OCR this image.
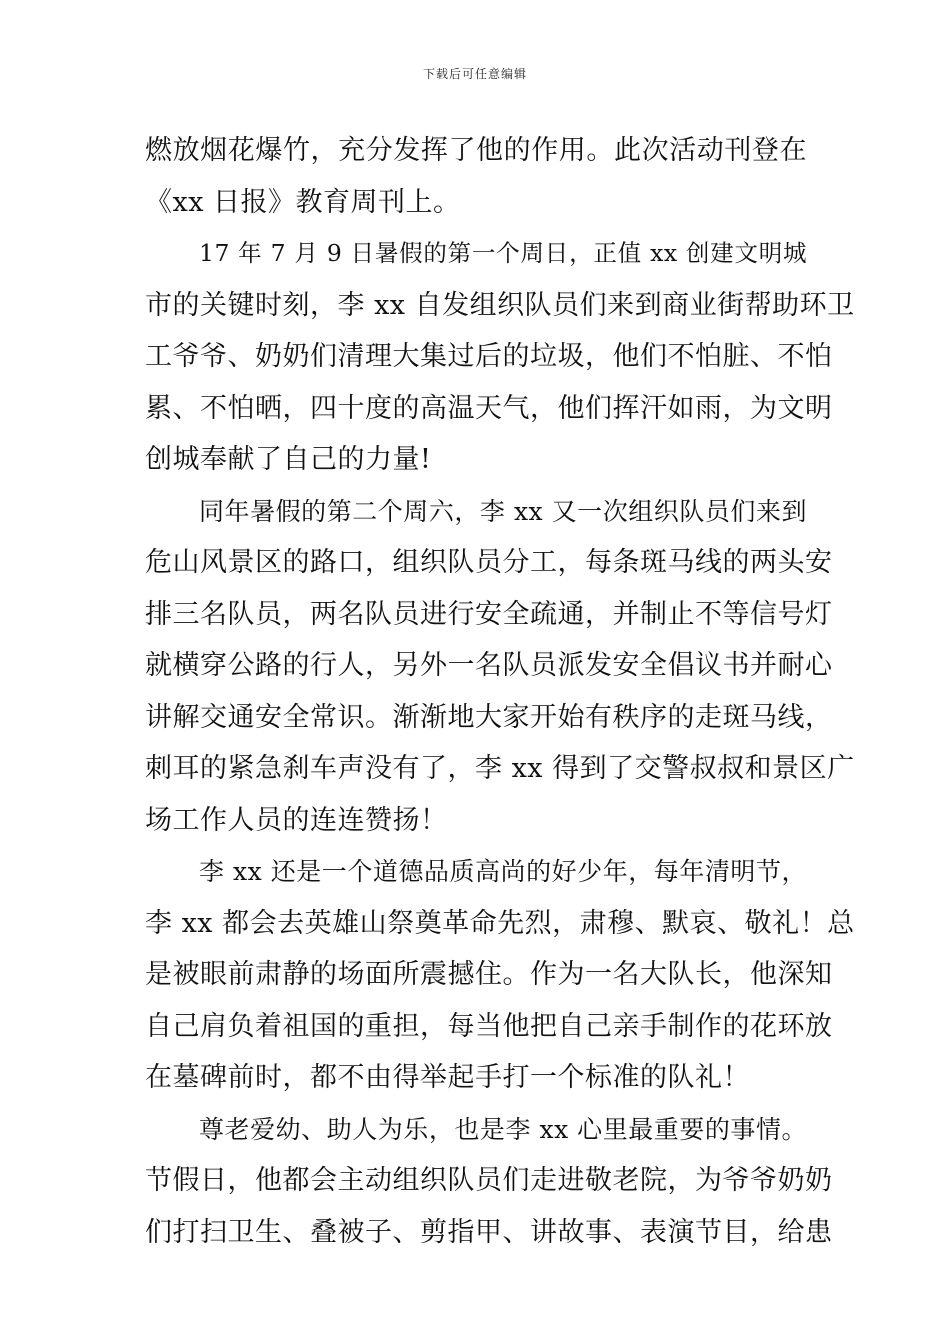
下载后可任意编辑
燃放烟花爆竹，充分发挥了他的作用。此次活动刊登在
《xx 日报》教育周刊上。
17 年 7 月 9 日暑假的第一个周日，正值 xx 创建文明城
市的关键时刻，李 xx 自发组织队员们来到商业街帮助环卫
工爷爷、奶奶们清理大集过后的垃圾，他们不怕脏、不怕
累、不怕晒，四十度的高温天气，他们挥汗如雨，为文明
创城奉献了自己的力量!
同年暑假的第二个周六，李 xx 又一次组织队员们来到
危山风景区的路口，组织队员分工，每条斑马线的两头安
排三名队员，两名队员进行安全疏通，并制止不等信号灯
就横穿公路的行人，另外一名队员派发安全倡议书并耐心
讲解交通安全常识。渐渐地大家开始有秩序的走斑马线，
刺耳的紧急刹车声没有了，李 xx 得到了交警叔叔和景区广
场工作人员的连连赞扬！
李 xx 还是一个道德品质高尚的好少年，每年清明节，
李 xx 都会去英雄山祭奠革命先烈，肃穆、默哀、敬礼！总
是被眼前肃静的场面所震撼住。作为一名大队长，他深知
自己肩负着祖国的重担，每当他把自己亲手制作的花环放
在墓碑前时，都不由得举起手打一个标准的队礼！
尊老爱幼、助人为乐，也是李 xx 心里最重要的事情。
节假日，他都会主动组织队员们走进敬老院，为爷爷奶奶
们打扫卫生、叠被子、剪指甲、讲故事、表演节目，给患
